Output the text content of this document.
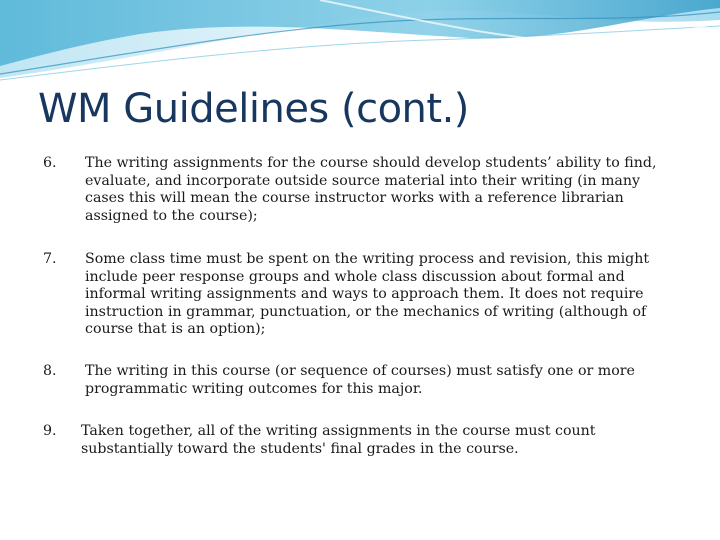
WM Guidelines (cont.)
6. The writing assignments for the course should develop students’ ability to find, evaluate, and incorporate outside source material into their writing (in many cases this will mean the course instructor works with a reference librarian assigned to the course);
7. Some class time must be spent on the writing process and revision, this might include peer response groups and whole class discussion about formal and informal writing assignments and ways to approach them. It does not require instruction in grammar, punctuation, or the mechanics of writing (although of course that is an option);
8. The writing in this course (or sequence of courses) must satisfy one or more programmatic writing outcomes for this major.
9. Taken together, all of the writing assignments in the course must count substantially toward the students' final grades in the course.
